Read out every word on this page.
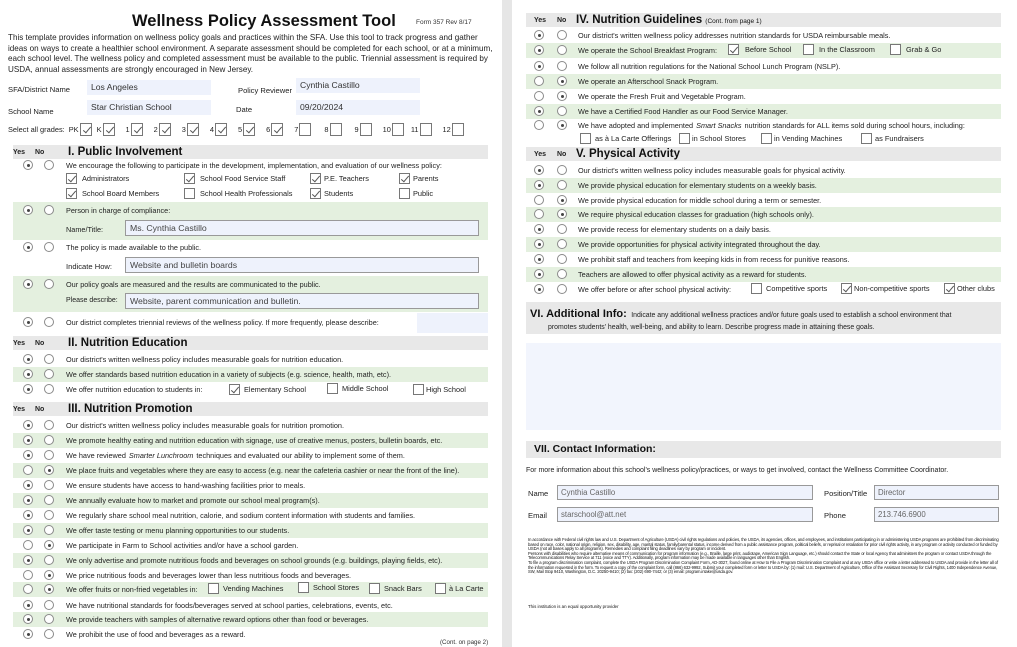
Wellness Policy Assessment Tool	Form 357 Rev 8/17
This template provides information on wellness policy goals and practices within the SFA. Use this tool to track progress and gather ideas on ways to create a healthier school environment. A separate assessment should be completed for each school, or at a minimum, each school level. The wellness policy and completed assessment must be available to the public. Triennial assessment is required by USDA, annual assessments are strongly encouraged in New Jersey.
SFA/District Name	Los Angeles	Policy Reviewer
Cynthia Castillo
School Name	Star Christian School	Date	09/20/2024
Select all grades: PK K	1	2	3	4	5	6	7	8	9	10	11	12
Yes No I. Public Involvement
We encourage the following to participate in the development, implementation, and evaluation of our wellness policy:
Administrators	School Food Service Staff	P.E. Teachers	Parents
School Board Members	School Health Professionals	Students	Public
Person in charge of compliance:
Name/Title:	Ms. Cynthia Castillo
The policy is made available to the public.
Indicate How:	Website and bulletin boards
Our policy goals are measured and the results are communicated to the public.
Please describe:	Website, parent communication and bulletin.
Our district completes triennial reviews of the wellness policy. If more frequently, please describe:
Yes No II. Nutrition Education
Our district's written wellness policy includes measurable goals for nutrition education.
We offer standards based nutrition education in a variety of subjects (e.g. science, health, math, etc).
We offer nutrition education to students in:	Elementary School	Middle School	High School
Yes No III. Nutrition Promotion
Our district's written wellness policy includes measurable goals for nutrition promotion.
We promote healthy eating and nutrition education with signage, use of creative menus, posters, bulletin boards, etc.
We have reviewed Smarter Lunchroom techniques and evaluated our ability to implement some of them.
We place fruits and vegetables where they are easy to access (e.g. near the cafeteria cashier or near the front of the line).
We ensure students have access to hand-washing facilities prior to meals.
We annually evaluate how to market and promote our school meal program(s).
We regularly share school meal nutrition, calorie, and sodium content information with students and families.
We offer taste testing or menu planning opportunities to our students.
We participate in Farm to School activities and/or have a school garden.
We only advertise and promote nutritious foods and beverages on school grounds (e.g. buildings, playing fields, etc).
We price nutritious foods and beverages lower than less nutritious foods and beverages.
We offer fruits or non-fried vegetables in:	Vending Machines	School Stores	Snack Bars	à La Carte
We have nutritional standards for foods/beverages served at school parties, celebrations, events, etc.
We provide teachers with samples of alternative reward options other than food or beverages.
We prohibit the use of food and beverages as a reward.
(Cont. on page 2)
Yes No IV. Nutrition Guidelines (Cont. from page 1)
Our district's written wellness policy addresses nutrition standards for USDA reimbursable meals.
We operate the School Breakfast Program:	Before School	In the Classroom	Grab & Go
We follow all nutrition regulations for the National School Lunch Program (NSLP).
We operate an Afterschool Snack Program.
We operate the Fresh Fruit and Vegetable Program.
We have a Certified Food Handler as our Food Service Manager.
We have adopted and implemented Smart Snacks nutrition standards for ALL items sold during school hours, including:
as à La Carte Offerings	in School Stores	in Vending Machines	as Fundraisers
Yes No V. Physical Activity
Our district's written wellness policy includes measurable goals for physical activity.
We provide physical education for elementary students on a weekly basis.
We provide physical education for middle school during a term or semester.
We require physical education classes for graduation (high schools only).
We provide recess for elementary students on a daily basis.
We provide opportunities for physical activity integrated throughout the day.
We prohibit staff and teachers from keeping kids in from recess for punitive reasons.
Teachers are allowed to offer physical activity as a reward for students.
We offer before or after school physical activity:	Competitive sports	Non-competitive sports	Other clubs
VI. Additional Info: Indicate any additional wellness practices and/or future goals used to establish a school environment that
promotes students' health, well-being, and ability to learn. Describe progress made in attaining these goals.
VII. Contact Information:
For more information about this school's wellness policy/practices, or ways to get involved, contact the Wellness Committee Coordinator.
Name	Cynthia Castillo	Position/Title	Director
Email	starschool@att.net	Phone	213.746.6900

In accordance with Federal civil rights law and U.S. Department of Agriculture (USDA) civil rights regulations and policies, the USDA, its agencies, offices, and employees, and institutions participating in or administering USDA programs are prohibited from discriminating based on race, color, national origin, religion, sex, disability, age, marital status, family/parental status, income derived from a public assistance program, political beliefs, or reprisal or retaliation for prior civil rights activity, in any program or activity conducted or funded by USDA (not all bases apply to all programs). Remedies and complaint filing deadlines vary by program or incident.

Persons with disabilities who require alternative means of communication for program information (e.g., Braille, large print, audiotape, American Sign Language, etc.) should contact the State or local Agency that administers the program or contact USDA through the Telecommunications Relay Service at 711 (voice and TTY). Additionally, program information may be made available in languages other than English.

To file a program discrimination complaint, complete the USDA Program Discrimination Complaint Form, AD-3027, found online at How to File a Program Discrimination Complaint and at any USDA office or write a letter addressed to USDA and provide in the letter all of the information requested in the form. To request a copy of the complaint form, call (866) 632-9992. Submit your completed form or letter to USDA by: (1) mail: U.S. Department of Agriculture, Office of the Assistant Secretary for Civil Rights, 1400 Independence Avenue, SW, Mail Stop 9410, Washington, D.C. 20250-9410; (2) fax: (202) 690-7442; or (3) email: program.intake@usda.gov.

This institution is an equal opportunity provider
